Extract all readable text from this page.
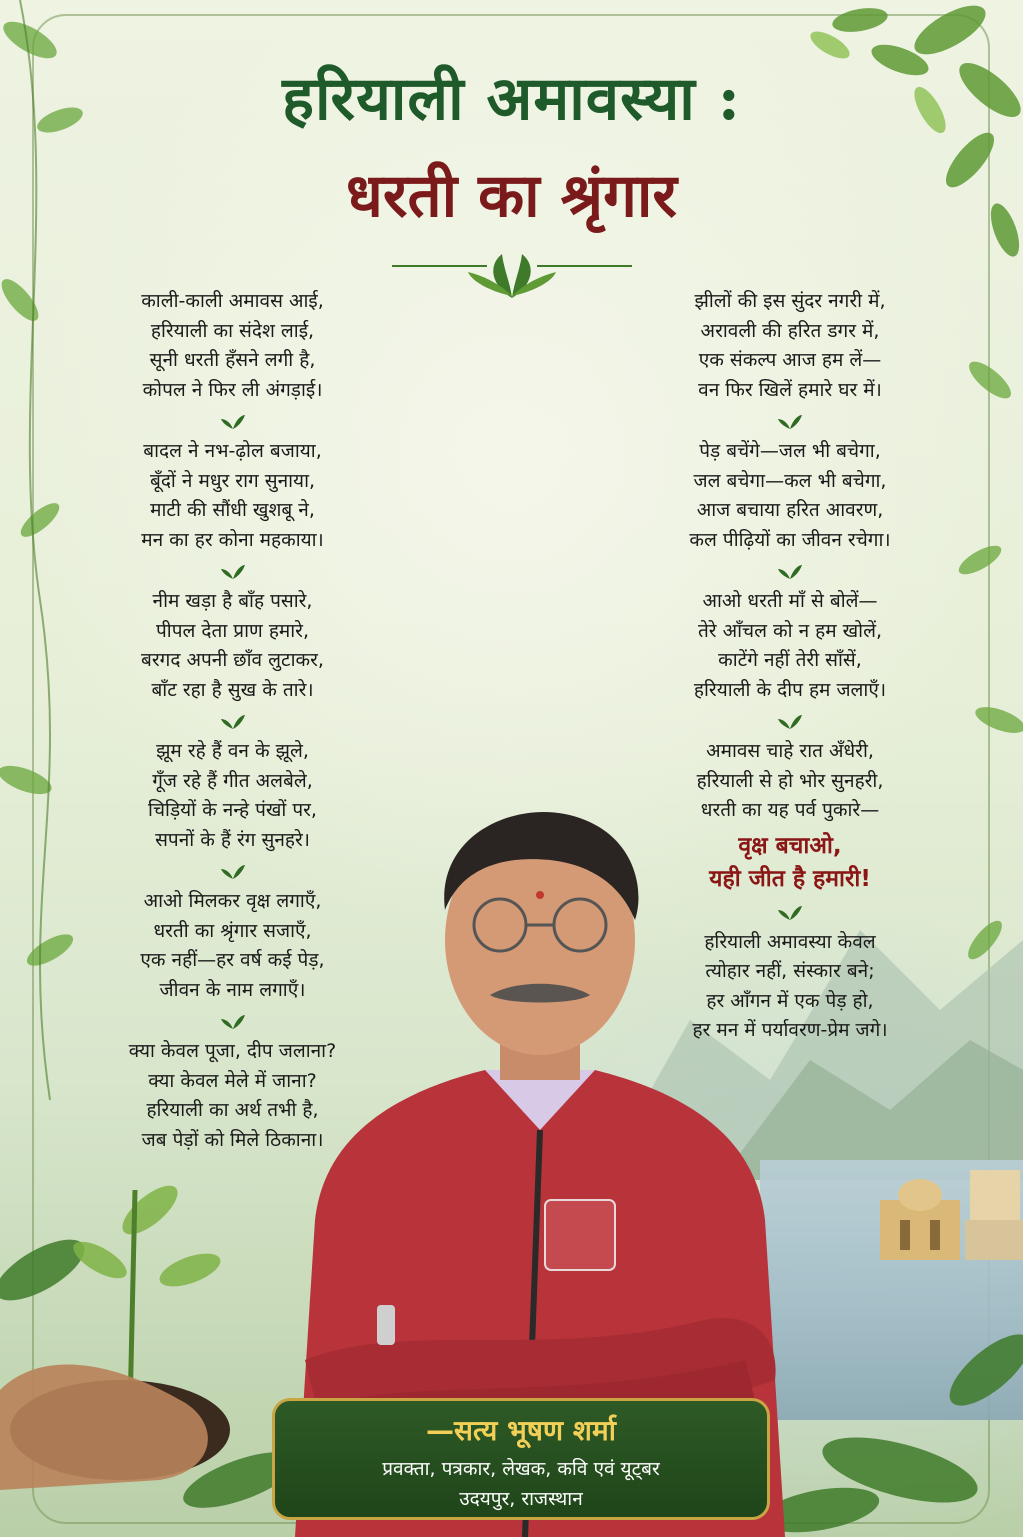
हरियाली अमावस्या :
धरती का श्रृंगार
काली-काली अमावस आई,
हरियाली का संदेश लाई,
सूनी धरती हँसने लगी है,
कोपल ने फिर ली अंगड़ाई।
बादल ने नभ-ढ़ोल बजाया,
बूँदों ने मधुर राग सुनाया,
माटी की सौंधी खुशबू ने,
मन का हर कोना महकाया।
नीम खड़ा है बाँह पसारे,
पीपल देता प्राण हमारे,
बरगद अपनी छाँव लुटाकर,
बाँट रहा है सुख के तारे।
झूम रहे हैं वन के झूले,
गूँज रहे हैं गीत अलबेले,
चिड़ियों के नन्हे पंखों पर,
सपनों के हैं रंग सुनहरे।
आओ मिलकर वृक्ष लगाएँ,
धरती का श्रृंगार सजाएँ,
एक नहीं—हर वर्ष कई पेड़,
जीवन के नाम लगाएँ।
क्या केवल पूजा, दीप जलाना?
क्या केवल मेले में जाना?
हरियाली का अर्थ तभी है,
जब पेड़ों को मिले ठिकाना।
झीलों की इस सुंदर नगरी में,
अरावली की हरित डगर में,
एक संकल्प आज हम लें—
वन फिर खिलें हमारे घर में।
पेड़ बचेंगे—जल भी बचेगा,
जल बचेगा—कल भी बचेगा,
आज बचाया हरित आवरण,
कल पीढ़ियों का जीवन रचेगा।
आओ धरती माँ से बोलें—
तेरे आँचल को न हम खोलें,
काटेंगे नहीं तेरी साँसें,
हरियाली के दीप हम जलाएँ।
अमावस चाहे रात अँधेरी,
हरियाली से हो भोर सुनहरी,
धरती का यह पर्व पुकारे—
वृक्ष बचाओ,
यही जीत है हमारी!
हरियाली अमावस्या केवल
त्योहार नहीं, संस्कार बने;
हर आँगन में एक पेड़ हो,
हर मन में पर्यावरण-प्रेम जगे।
—सत्य भूषण शर्मा
प्रवक्ता, पत्रकार, लेखक, कवि एवं यूट्बर
उदयपुर, राजस्थान
